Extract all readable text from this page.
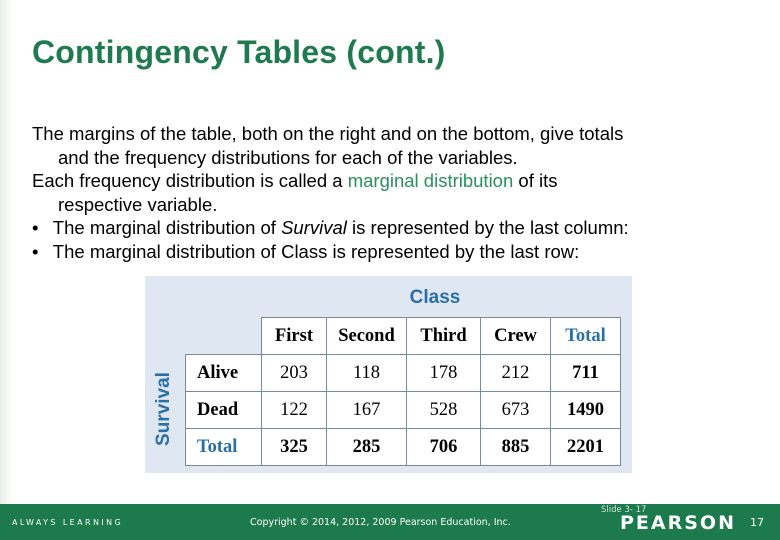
Contingency Tables (cont.)
The margins of the table, both on the right and on the bottom, give totals
and the frequency distributions for each of the variables.
Each frequency distribution is called a marginal distribution of its
respective variable.
• The marginal distribution of Survival is represented by the last column:
• The marginal distribution of Class is represented by the last row:
Class
Survival
	First	Second	Third	Crew	Total
Alive	203	118	178	212	711
Dead	122	167	528	673	1490
Total	325	285	706	885	2201
ALWAYS LEARNING	Copyright © 2014, 2012, 2009 Pearson Education, Inc.
Slide 3- 17
PEARSON 17
